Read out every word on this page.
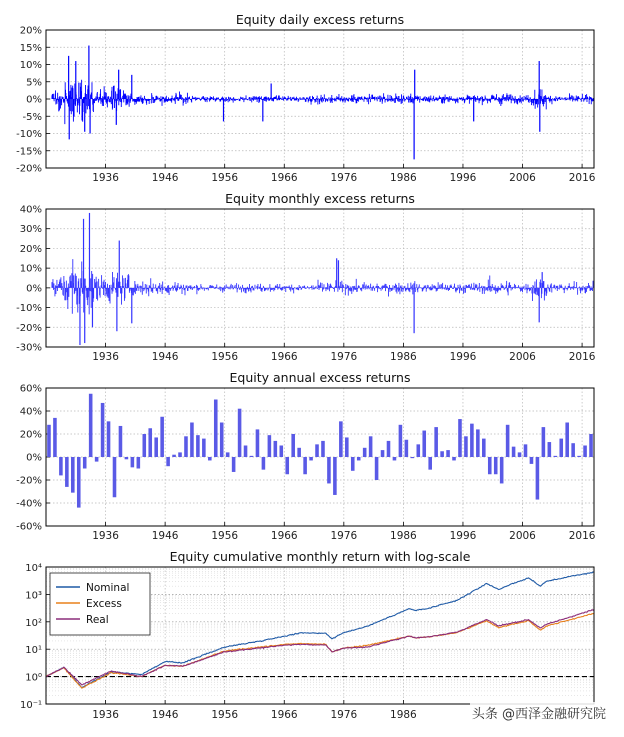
Equity daily excess returns
1936	1946	1956	1966	1976	1986	1996	2006	2016
20%
15%
10%
5%
0%
-5%
-10%
-15%
-20%
Equity monthly excess returns
1936	1946	1956	1966	1976	1986	1996	2006	2016
40%
30%
20%
10%
0%
-10%
-20%
-30%
Equity annual excess returns
1936	1946	1956	1966	1976	1986	1996	2006	2016
60%
40%
20%
0%
-20%
-40%
-60%
Equity cumulative monthly return with log-scale
1936	1946	1956	1966	1976	1986
10⁴
10³
10²
10¹
10⁰
10⁻¹
Nominal
Excess
Real
头条 @西泽金融研究院
